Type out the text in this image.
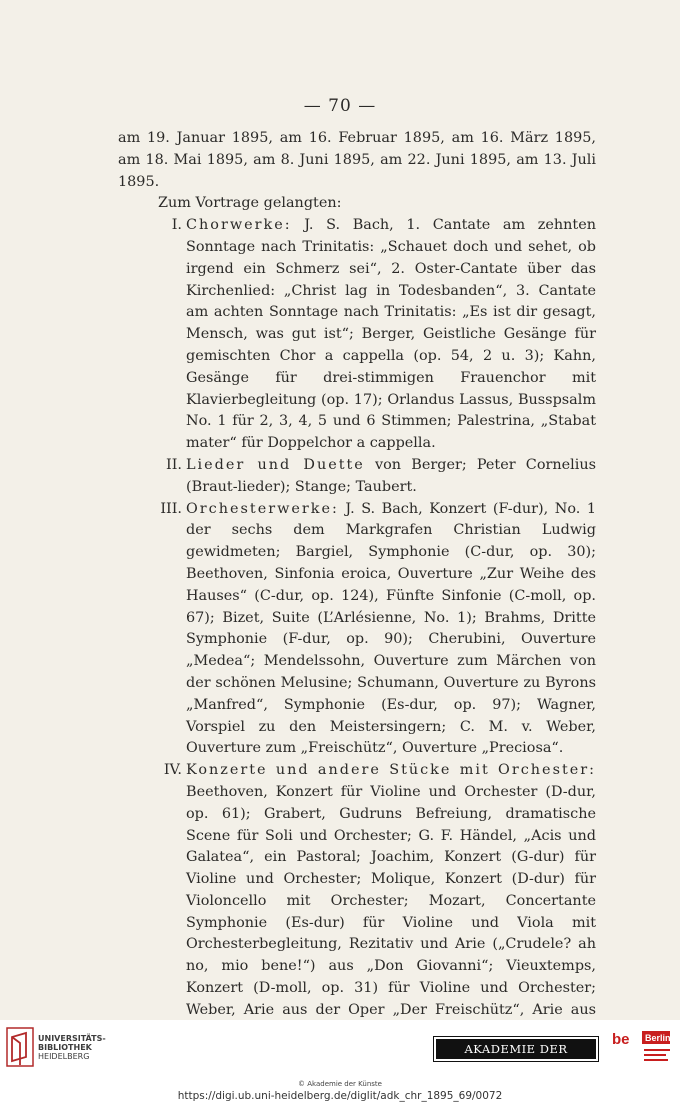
— 70 —
am 19. Januar 1895, am 16. Februar 1895, am 16. März 1895, am 18. Mai 1895, am 8. Juni 1895, am 22. Juni 1895, am 13. Juli 1895.
Zum Vortrage gelangten:
I. Chorwerke: J. S. Bach, 1. Cantate am zehnten Sonntage nach Trinitatis: „Schauet doch und sehet, ob irgend ein Schmerz sei“, 2. Oster-Cantate über das Kirchenlied: „Christ lag in Todesbanden“, 3. Cantate am achten Sonntage nach Trinitatis: „Es ist dir gesagt, Mensch, was gut ist“; Berger, Geistliche Gesänge für gemischten Chor a cappella (op. 54, 2 u. 3); Kahn, Gesänge für drei-stimmigen Frauenchor mit Klavierbegleitung (op. 17); Orlandus Lassus, Busspsalm No. 1 für 2, 3, 4, 5 und 6 Stimmen; Palestrina, „Stabat mater“ für Doppelchor a cappella.
II. Lieder und Duette von Berger; Peter Cornelius (Braut-lieder); Stange; Taubert.
III. Orchesterwerke: J. S. Bach, Konzert (F-dur), No. 1 der sechs dem Markgrafen Christian Ludwig gewidmeten; Bargiel, Symphonie (C-dur, op. 30); Beethoven, Sinfonia eroica, Ouverture „Zur Weihe des Hauses“ (C-dur, op. 124), Fünfte Sinfonie (C-moll, op. 67); Bizet, Suite (L’Arlésienne, No. 1); Brahms, Dritte Symphonie (F-dur, op. 90); Cherubini, Ouverture „Medea“; Mendelssohn, Ouverture zum Märchen von der schönen Melusine; Schumann, Ouverture zu Byrons „Manfred“, Symphonie (Es-dur, op. 97); Wagner, Vorspiel zu den Meistersingern; C. M. v. Weber, Ouverture zum „Freischütz“, Ouverture „Preciosa“.
IV. Konzerte und andere Stücke mit Orchester: Beethoven, Konzert für Violine und Orchester (D-dur, op. 61); Grabert, Gudruns Befreiung, dramatische Scene für Soli und Orchester; G. F. Händel, „Acis und Galatea“, ein Pastoral; Joachim, Konzert (G-dur) für Violine und Orchester; Molique, Konzert (D-dur) für Violoncello mit Orchester; Mozart, Concertante Symphonie (Es-dur) für Violine und Viola mit Orchesterbegleitung, Rezitativ und Arie („Crudele? ah no, mio bene!“) aus „Don Giovanni“; Vieuxtemps, Konzert (D-moll, op. 31) für Violine und Orchester; Weber, Arie aus der Oper „Der Freischütz“, Arie aus
UNIVERSITÄTS-
BIBLIOTHEK
HEIDELBERG
AKADEMIE DER KÜNSTE
be Berlin
© Akademie der Künste
https://digi.ub.uni-heidelberg.de/diglit/adk_chr_1895_69/0072
